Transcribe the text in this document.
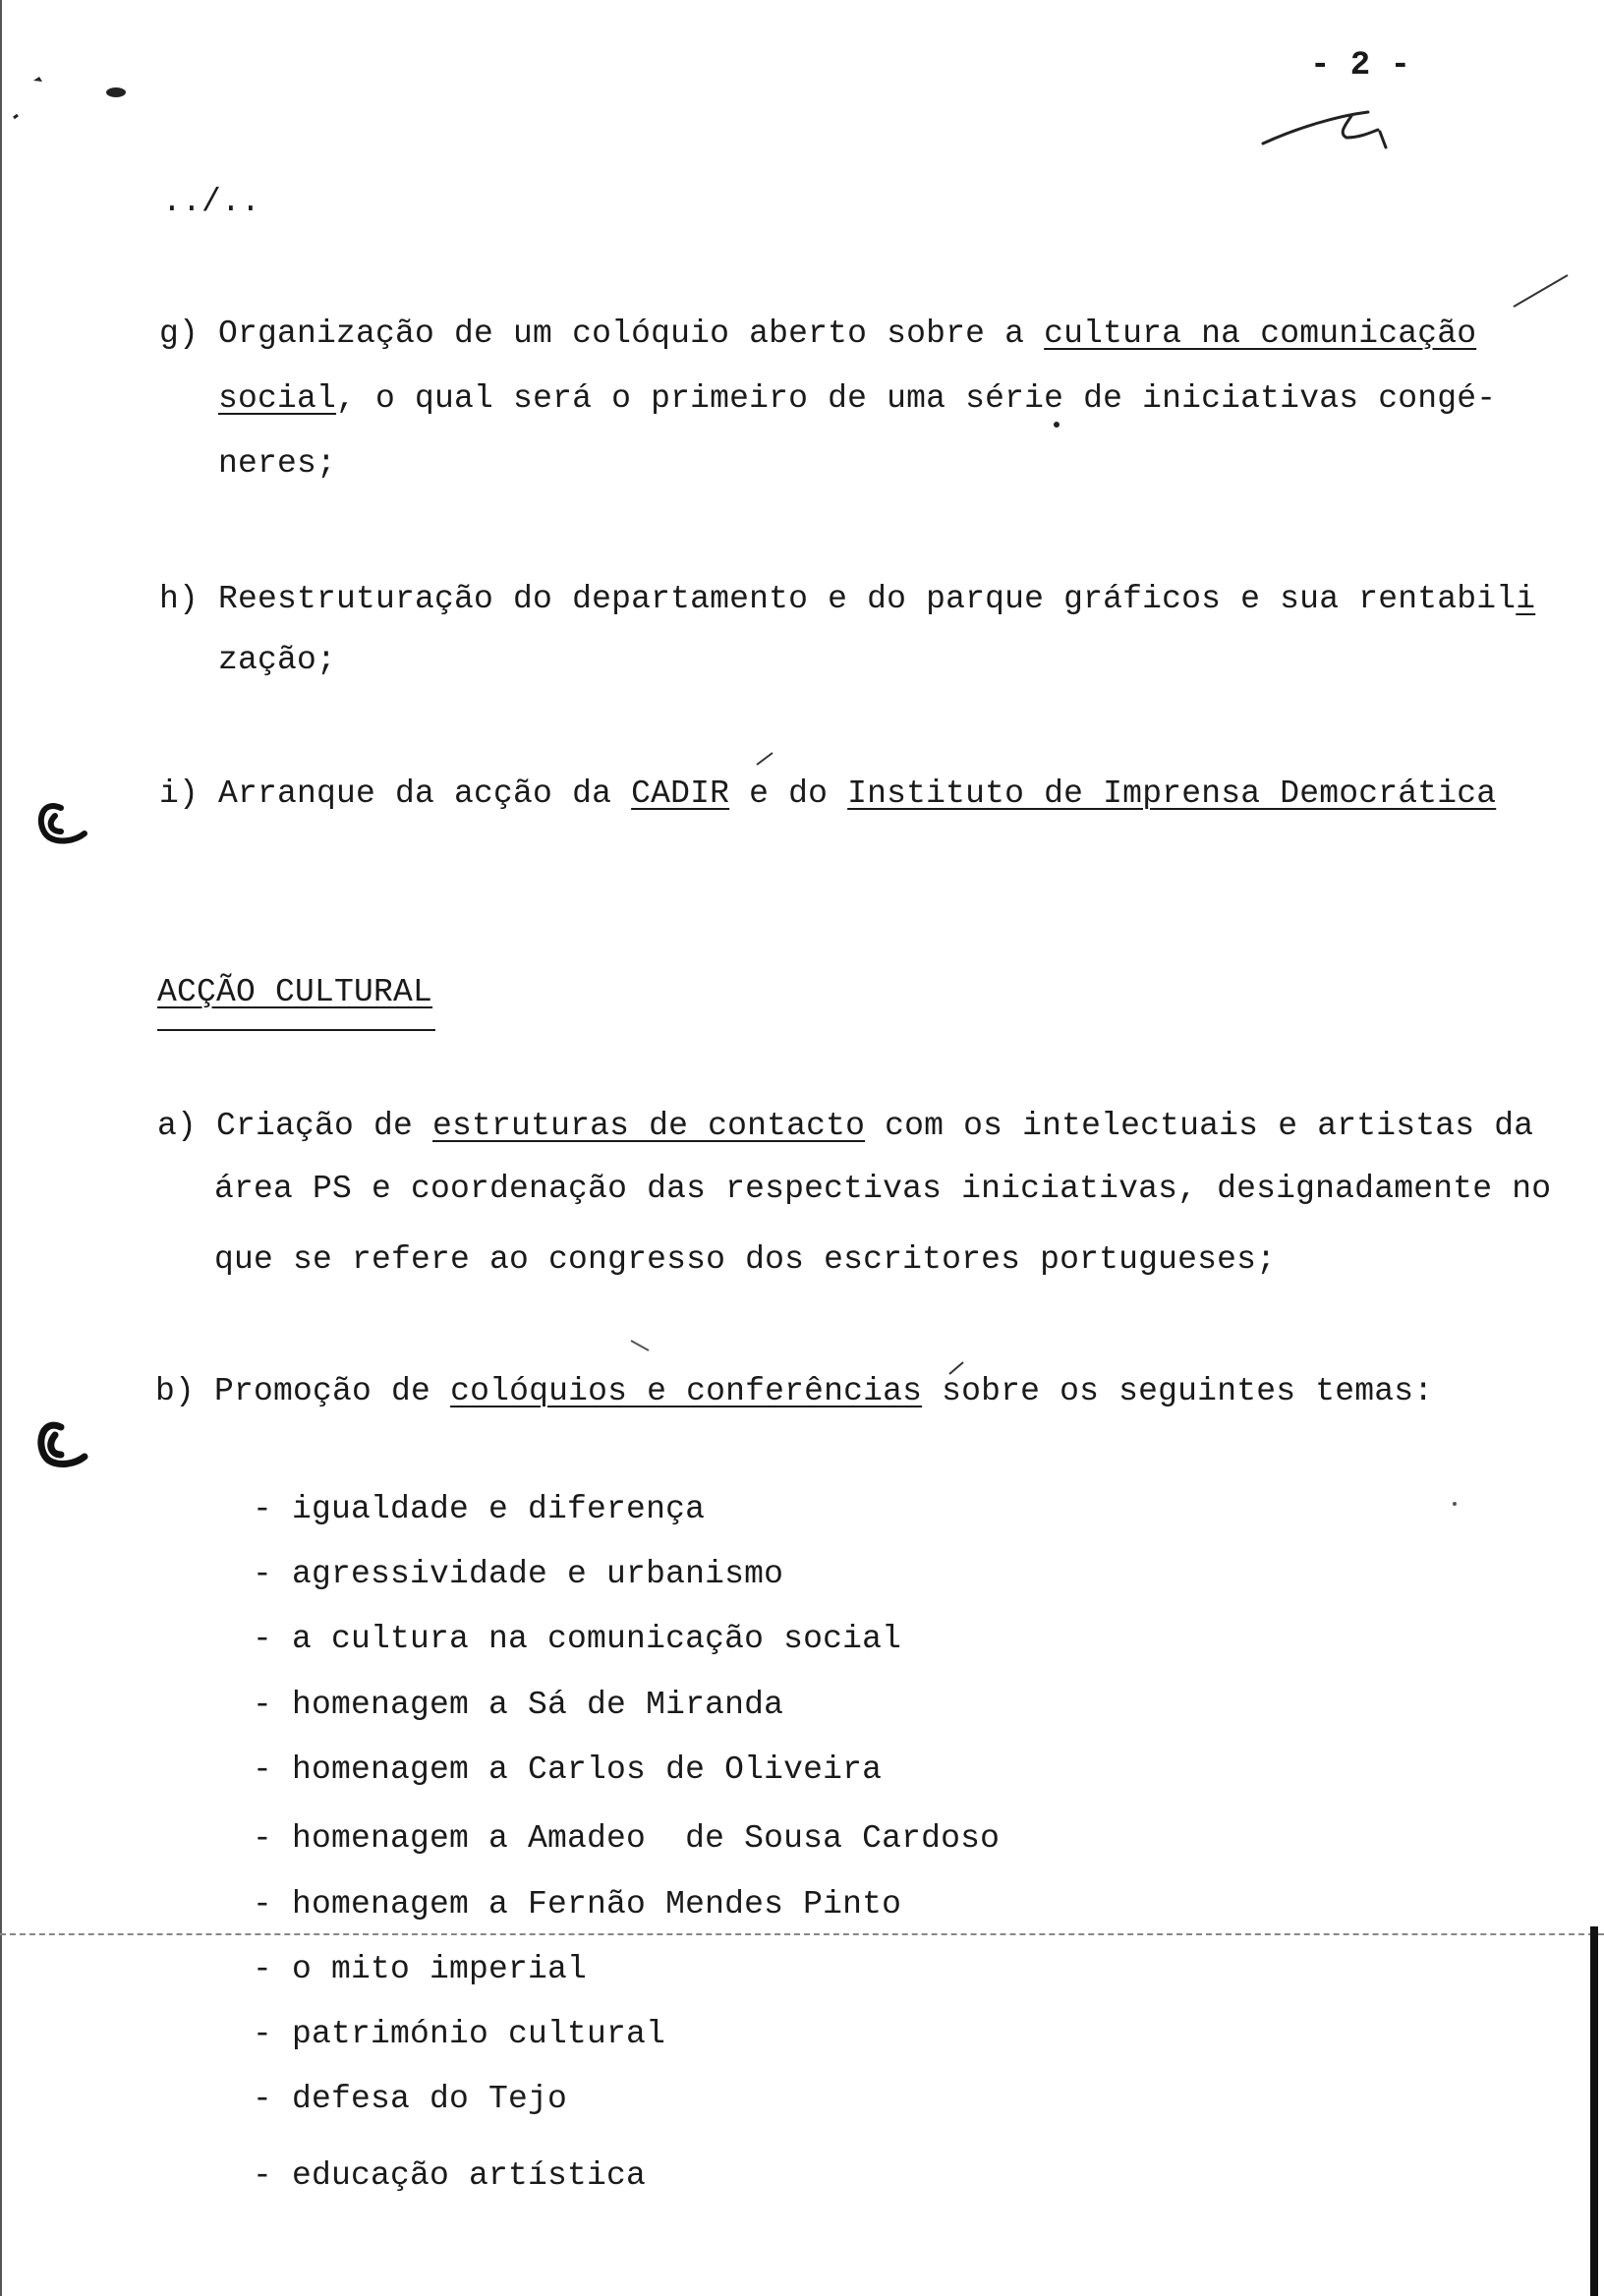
- 2 -
../..
g) Organização de um colóquio aberto sobre a cultura na comunicação
social, o qual será o primeiro de uma série de iniciativas congé-
neres;
h) Reestruturação do departamento e do parque gráficos e sua rentabili
zação;
i) Arranque da acção da CADIR e do Instituto de Imprensa Democrática
ACÇÃO CULTURAL
a) Criação de estruturas de contacto com os intelectuais e artistas da
área PS e coordenação das respectivas iniciativas, designadamente no
que se refere ao congresso dos escritores portugueses;
b) Promoção de colóquios e conferências sobre os seguintes temas:
- igualdade e diferença
- agressividade e urbanismo
- a cultura na comunicação social
- homenagem a Sá de Miranda
- homenagem a Carlos de Oliveira
- homenagem a Amadeo  de Sousa Cardoso
- homenagem a Fernão Mendes Pinto
- o mito imperial
- património cultural
- defesa do Tejo
- educação artística
